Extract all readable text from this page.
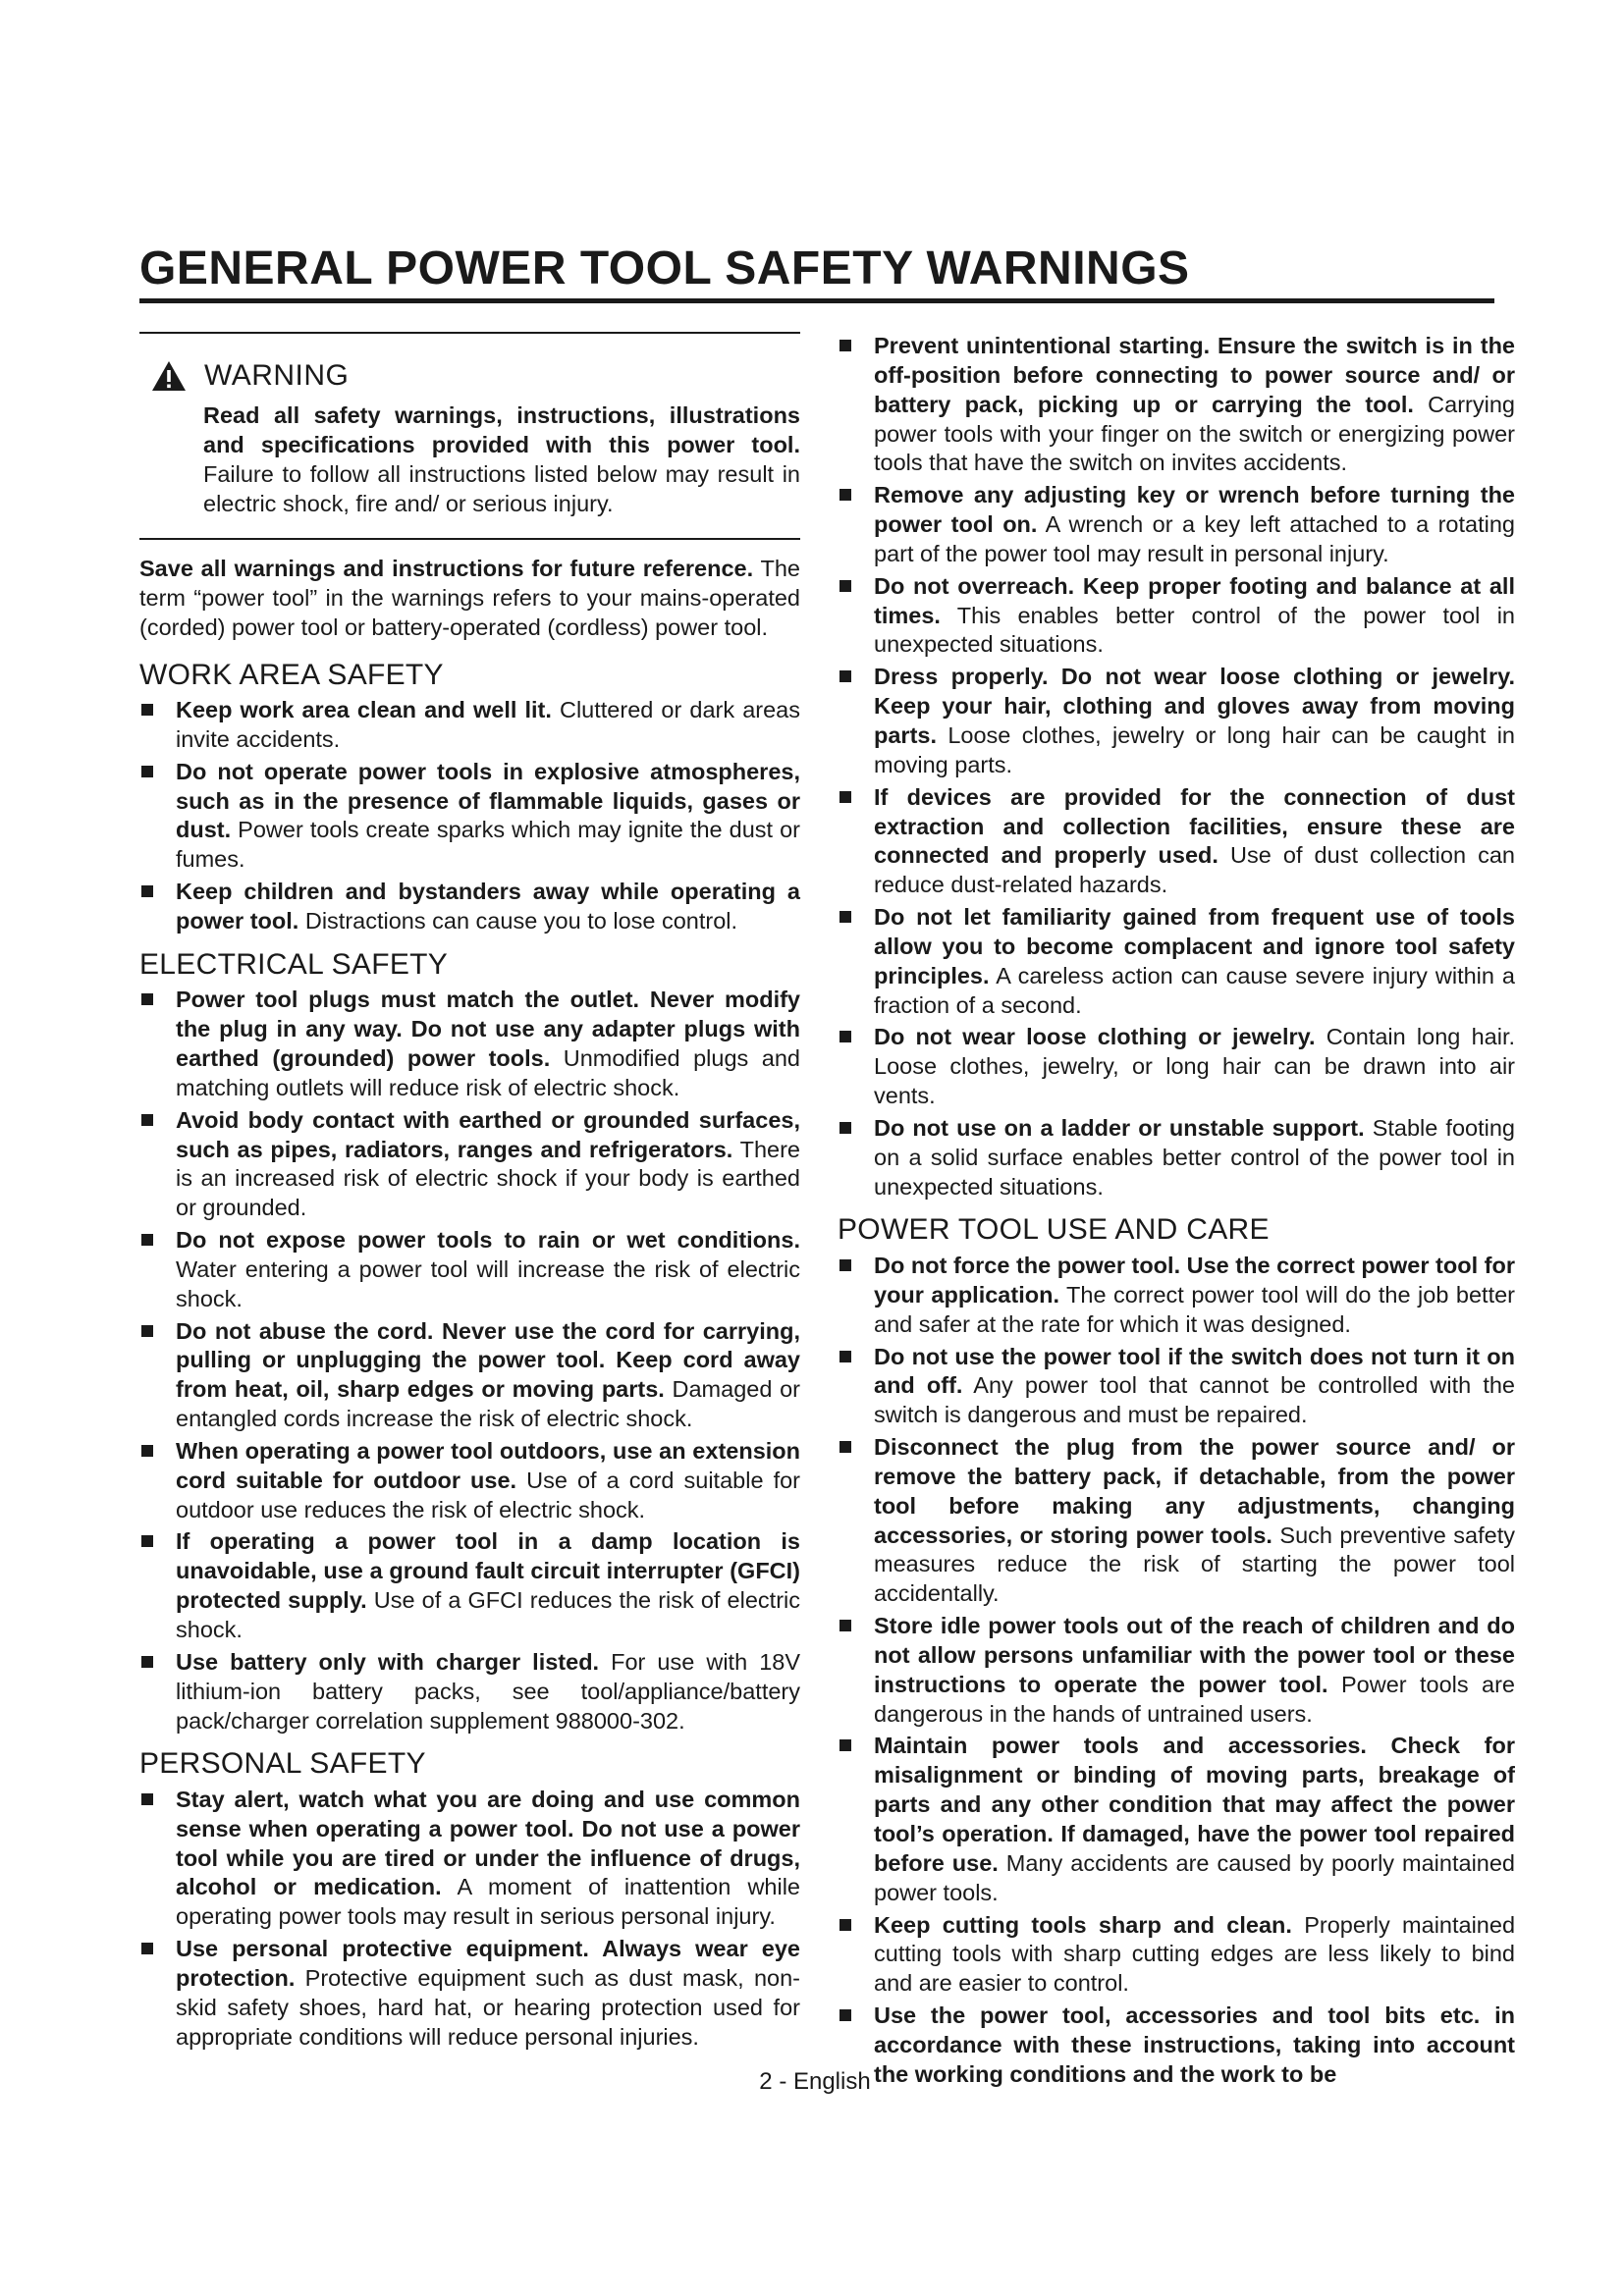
GENERAL POWER TOOL SAFETY WARNINGS
WARNING
Read all safety warnings, instructions, illustrations and specifications provided with this power tool. Failure to follow all instructions listed below may result in electric shock, fire and/ or serious injury.
Save all warnings and instructions for future reference. The term “power tool” in the warnings refers to your mains-operated (corded) power tool or battery-operated (cordless) power tool.
WORK AREA SAFETY
Keep work area clean and well lit. Cluttered or dark areas invite accidents.
Do not operate power tools in explosive atmospheres, such as in the presence of flammable liquids, gases or dust. Power tools create sparks which may ignite the dust or fumes.
Keep children and bystanders away while operating a power tool. Distractions can cause you to lose control.
ELECTRICAL SAFETY
Power tool plugs must match the outlet. Never modify the plug in any way. Do not use any adapter plugs with earthed (grounded) power tools. Unmodified plugs and matching outlets will reduce risk of electric shock.
Avoid body contact with earthed or grounded surfaces, such as pipes, radiators, ranges and refrigerators. There is an increased risk of electric shock if your body is earthed or grounded.
Do not expose power tools to rain or wet conditions. Water entering a power tool will increase the risk of electric shock.
Do not abuse the cord. Never use the cord for carrying, pulling or unplugging the power tool. Keep cord away from heat, oil, sharp edges or moving parts. Damaged or entangled cords increase the risk of electric shock.
When operating a power tool outdoors, use an extension cord suitable for outdoor use. Use of a cord suitable for outdoor use reduces the risk of electric shock.
If operating a power tool in a damp location is unavoidable, use a ground fault circuit interrupter (GFCI) protected supply. Use of a GFCI reduces the risk of electric shock.
Use battery only with charger listed. For use with 18V lithium-ion battery packs, see tool/appliance/battery pack/charger correlation supplement 988000-302.
PERSONAL SAFETY
Stay alert, watch what you are doing and use common sense when operating a power tool. Do not use a power tool while you are tired or under the influence of drugs, alcohol or medication. A moment of inattention while operating power tools may result in serious personal injury.
Use personal protective equipment. Always wear eye protection. Protective equipment such as dust mask, non-skid safety shoes, hard hat, or hearing protection used for appropriate conditions will reduce personal injuries.
Prevent unintentional starting. Ensure the switch is in the off-position before connecting to power source and/ or battery pack, picking up or carrying the tool. Carrying power tools with your finger on the switch or energizing power tools that have the switch on invites accidents.
Remove any adjusting key or wrench before turning the power tool on. A wrench or a key left attached to a rotating part of the power tool may result in personal injury.
Do not overreach. Keep proper footing and balance at all times. This enables better control of the power tool in unexpected situations.
Dress properly. Do not wear loose clothing or jewelry. Keep your hair, clothing and gloves away from moving parts. Loose clothes, jewelry or long hair can be caught in moving parts.
If devices are provided for the connection of dust extraction and collection facilities, ensure these are connected and properly used. Use of dust collection can reduce dust-related hazards.
Do not let familiarity gained from frequent use of tools allow you to become complacent and ignore tool safety principles. A careless action can cause severe injury within a fraction of a second.
Do not wear loose clothing or jewelry. Contain long hair. Loose clothes, jewelry, or long hair can be drawn into air vents.
Do not use on a ladder or unstable support. Stable footing on a solid surface enables better control of the power tool in unexpected situations.
POWER TOOL USE AND CARE
Do not force the power tool. Use the correct power tool for your application. The correct power tool will do the job better and safer at the rate for which it was designed.
Do not use the power tool if the switch does not turn it on and off. Any power tool that cannot be controlled with the switch is dangerous and must be repaired.
Disconnect the plug from the power source and/ or remove the battery pack, if detachable, from the power tool before making any adjustments, changing accessories, or storing power tools. Such preventive safety measures reduce the risk of starting the power tool accidentally.
Store idle power tools out of the reach of children and do not allow persons unfamiliar with the power tool or these instructions to operate the power tool. Power tools are dangerous in the hands of untrained users.
Maintain power tools and accessories. Check for misalignment or binding of moving parts, breakage of parts and any other condition that may affect the power tool’s operation. If damaged, have the power tool repaired before use. Many accidents are caused by poorly maintained power tools.
Keep cutting tools sharp and clean. Properly maintained cutting tools with sharp cutting edges are less likely to bind and are easier to control.
Use the power tool, accessories and tool bits etc. in accordance with these instructions, taking into account the working conditions and the work to be
2 - English
